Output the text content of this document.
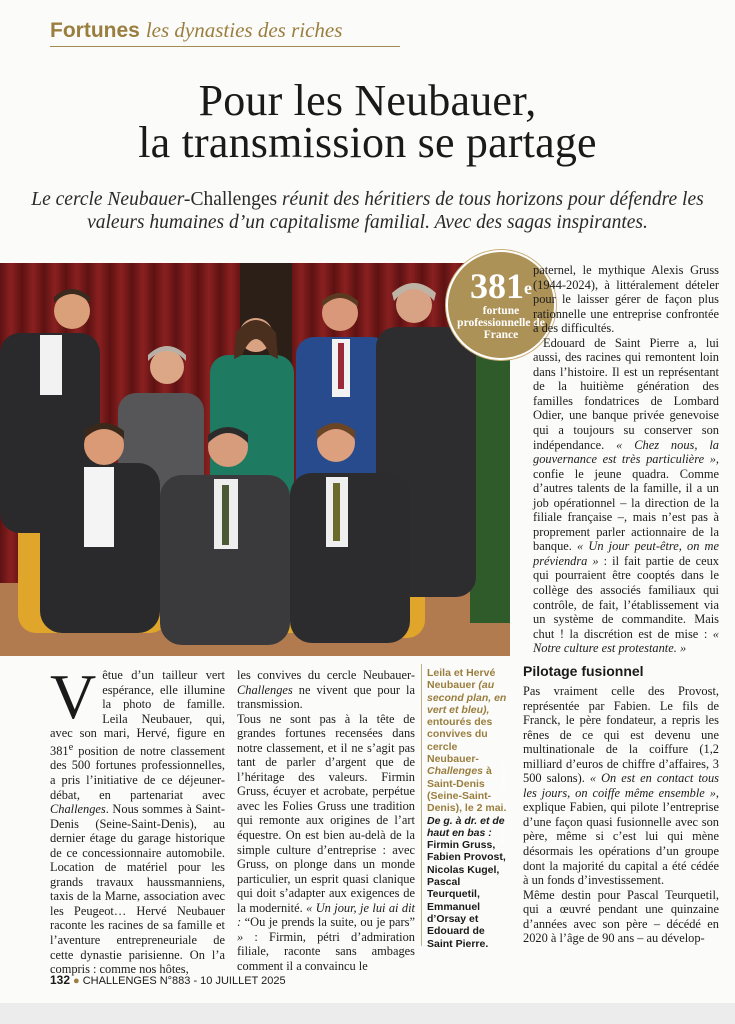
Fortunes les dynasties des riches
Pour les Neubauer,
la transmission se partage

Le cercle Neubauer-Challenges réunit des héritiers de tous horizons pour défendre les valeurs humaines d’un capitalisme familial. Avec des sagas inspirantes.

Bruno Levy pour Challenges
381e
fortune professionnelle de France

paternel, le mythique Alexis Gruss (1944-2024), à littéralement dételer pour le laisser gérer de façon plus rationnelle une entreprise confrontée à des difficultés.

Edouard de Saint Pierre a, lui aussi, des racines qui remontent loin dans l’histoire. Il est un représentant de la huitième génération des familles fondatrices de Lombard Odier, une banque privée genevoise qui a toujours su conserver son indépendance. « Chez nous, la gouvernance est très particulière », confie le jeune quadra. Comme d’autres talents de la famille, il a un job opérationnel – la direction de la filiale française –, mais n’est pas à proprement parler actionnaire de la banque. « Un jour peut-être, on me préviendra » : il fait partie de ceux qui pourraient être cooptés dans le collège des associés familiaux qui contrôle, de fait, l’établissement via un système de commandite. Mais chut ! la discrétion est de mise : « Notre culture est protestante. »

Vêtue d’un tailleur vert espérance, elle illumine la photo de famille. Leila Neubauer, qui, avec son mari, Hervé, figure en 381e position de notre classement des 500 fortunes professionnelles, a pris l’initiative de ce déjeuner-débat, en partenariat avec Challenges. Nous sommes à Saint-Denis (Seine-Saint-Denis), au dernier étage du garage historique de ce concessionnaire automobile. Location de matériel pour les grands travaux haussmanniens, taxis de la Marne, association avec les Peugeot… Hervé Neubauer raconte les racines de sa famille et l’aventure entrepreneuriale de cette dynastie parisienne. On l’a compris : comme nos hôtes,

les convives du cercle Neubauer-Challenges ne vivent que pour la transmission.

Tous ne sont pas à la tête de grandes fortunes recensées dans notre classement, et il ne s’agit pas tant de parler d’argent que de l’héritage des valeurs. Firmin Gruss, écuyer et acrobate, perpétue avec les Folies Gruss une tradition qui remonte aux origines de l’art équestre. On est bien au-delà de la simple culture d’entreprise : avec Gruss, on plonge dans un monde particulier, un esprit quasi clanique qui doit s’adapter aux exigences de la modernité. « Un jour, je lui ai dit : “Ou je prends la suite, ou je pars” » : Firmin, pétri d’admiration filiale, raconte sans ambages comment il a convaincu le

Leila et Hervé Neubauer (au second plan, en vert et bleu), entourés des convives du cercle Neubauer-Challenges à Saint-Denis (Seine-Saint-Denis), le 2 mai. De g. à dr. et de haut en bas : Firmin Gruss, Fabien Provost, Nicolas Kugel, Pascal Teurquetil, Emmanuel d’Orsay et Edouard de Saint Pierre.
Pilotage fusionnel

Pas vraiment celle des Provost, représentée par Fabien. Le fils de Franck, le père fondateur, a repris les rênes de ce qui est devenu une multinationale de la coiffure (1,2 milliard d’euros de chiffre d’affaires, 3 500 salons). « On est en contact tous les jours, on coiffe même ensemble », explique Fabien, qui pilote l’entreprise d’une façon quasi fusionnelle avec son père, même si c’est lui qui mène désormais les opérations d’un groupe dont la majorité du capital a été cédée à un fonds d’investissement.

Même destin pour Pascal Teurquetil, qui a œuvré pendant une quinzaine d’années avec son père – décédé en 2020 à l’âge de 90 ans – au dévelop-

132 ● CHALLENGES N°883 - 10 JUILLET 2025
